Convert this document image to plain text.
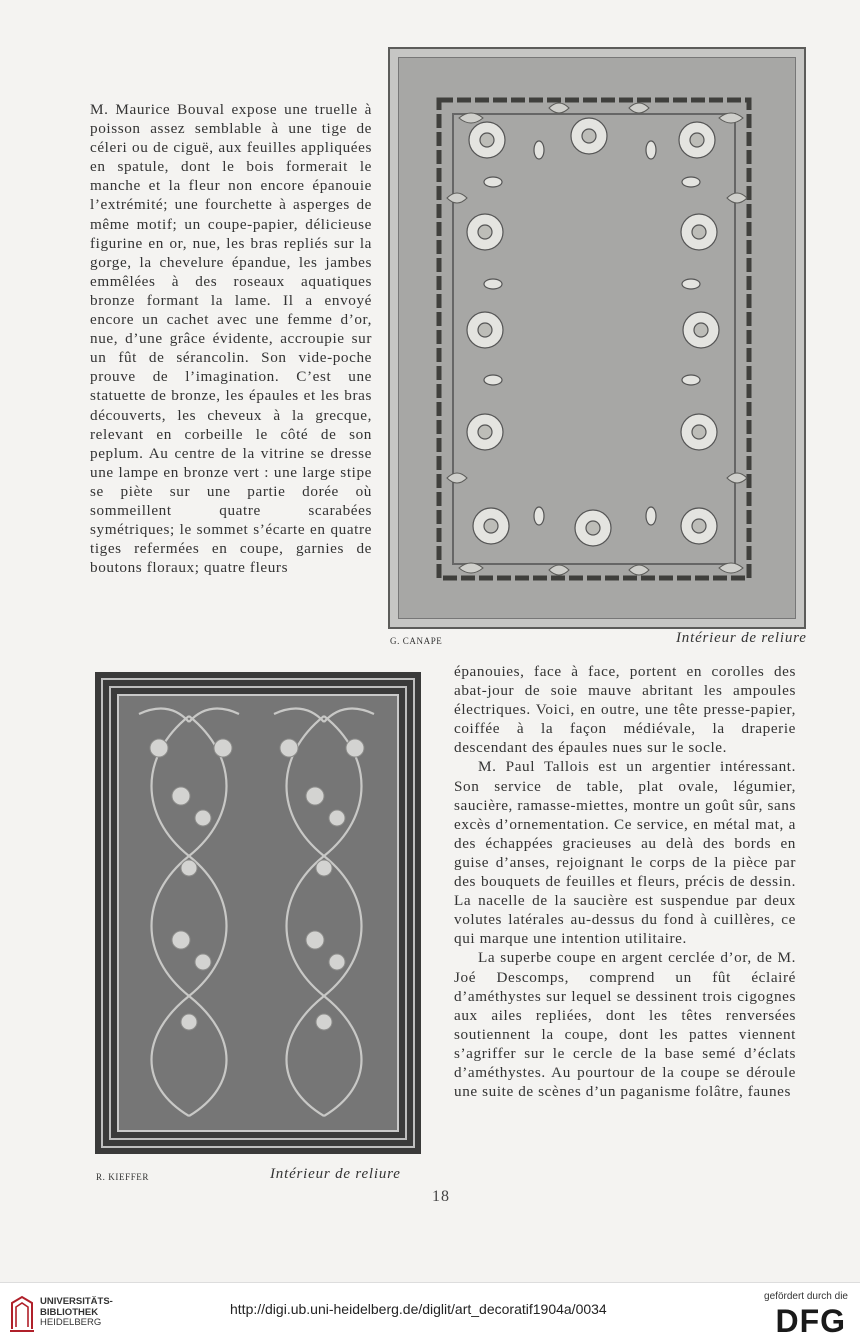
M. Maurice Bouval expose une truelle à poisson assez semblable à une tige de céleri ou de ciguë, aux feuilles appliquées en spatule, dont le bois formerait le manche et la fleur non encore épanouie l’extrémité; une fourchette à asperges de même motif; un coupe-papier, délicieuse figurine en or, nue, les bras repliés sur la gorge, la chevelure épandue, les jambes emmêlées à des roseaux aquatiques bronze formant la lame. Il a envoyé encore un cachet avec une femme d’or, nue, d’une grâce évidente, accroupie sur un fût de sérancolin. Son vide-poche prouve de l’imagination. C’est une statuette de bronze, les épaules et les bras découverts, les cheveux à la grecque, relevant en corbeille le côté de son peplum. Au centre de la vitrine se dresse une lampe en bronze vert : une large stipe se piète sur une partie dorée où sommeillent quatre scarabées symétriques; le sommet s’écarte en quatre tiges refermées en coupe, garnies de boutons floraux; quatre fleurs

G. CANAPE	Intérieur de reliure
R. KIEFFER	Intérieur de reliure

épanouies, face à face, portent en corolles des abat-jour de soie mauve abritant les ampoules électriques. Voici, en outre, une tête presse-papier, coiffée à la façon médiévale, la draperie descendant des épaules nues sur le socle.

M. Paul Tallois est un argentier intéressant. Son service de table, plat ovale, légumier, saucière, ramasse-miettes, montre un goût sûr, sans excès d’ornementation. Ce service, en métal mat, a des échappées gracieuses au delà des bords en guise d’anses, rejoignant le corps de la pièce par des bouquets de feuilles et fleurs, précis de dessin. La nacelle de la saucière est suspendue par deux volutes latérales au-dessus du fond à cuillères, ce qui marque une intention utilitaire.

La superbe coupe en argent cerclée d’or, de M. Joé Descomps, comprend un fût éclairé d’améthystes sur lequel se dessinent trois cigognes aux ailes repliées, dont les têtes renversées soutiennent la coupe, dont les pattes viennent s’agriffer sur le cercle de la base semé d’éclats d’améthystes. Au pourtour de la coupe se déroule une suite de scènes d’un paganisme folâtre, faunes

18
UNIVERSITÄTS-
BIBLIOTHEK
HEIDELBERG
http://digi.ub.uni-heidelberg.de/diglit/art_decoratif1904a/0034
gefördert durch die
DFG
